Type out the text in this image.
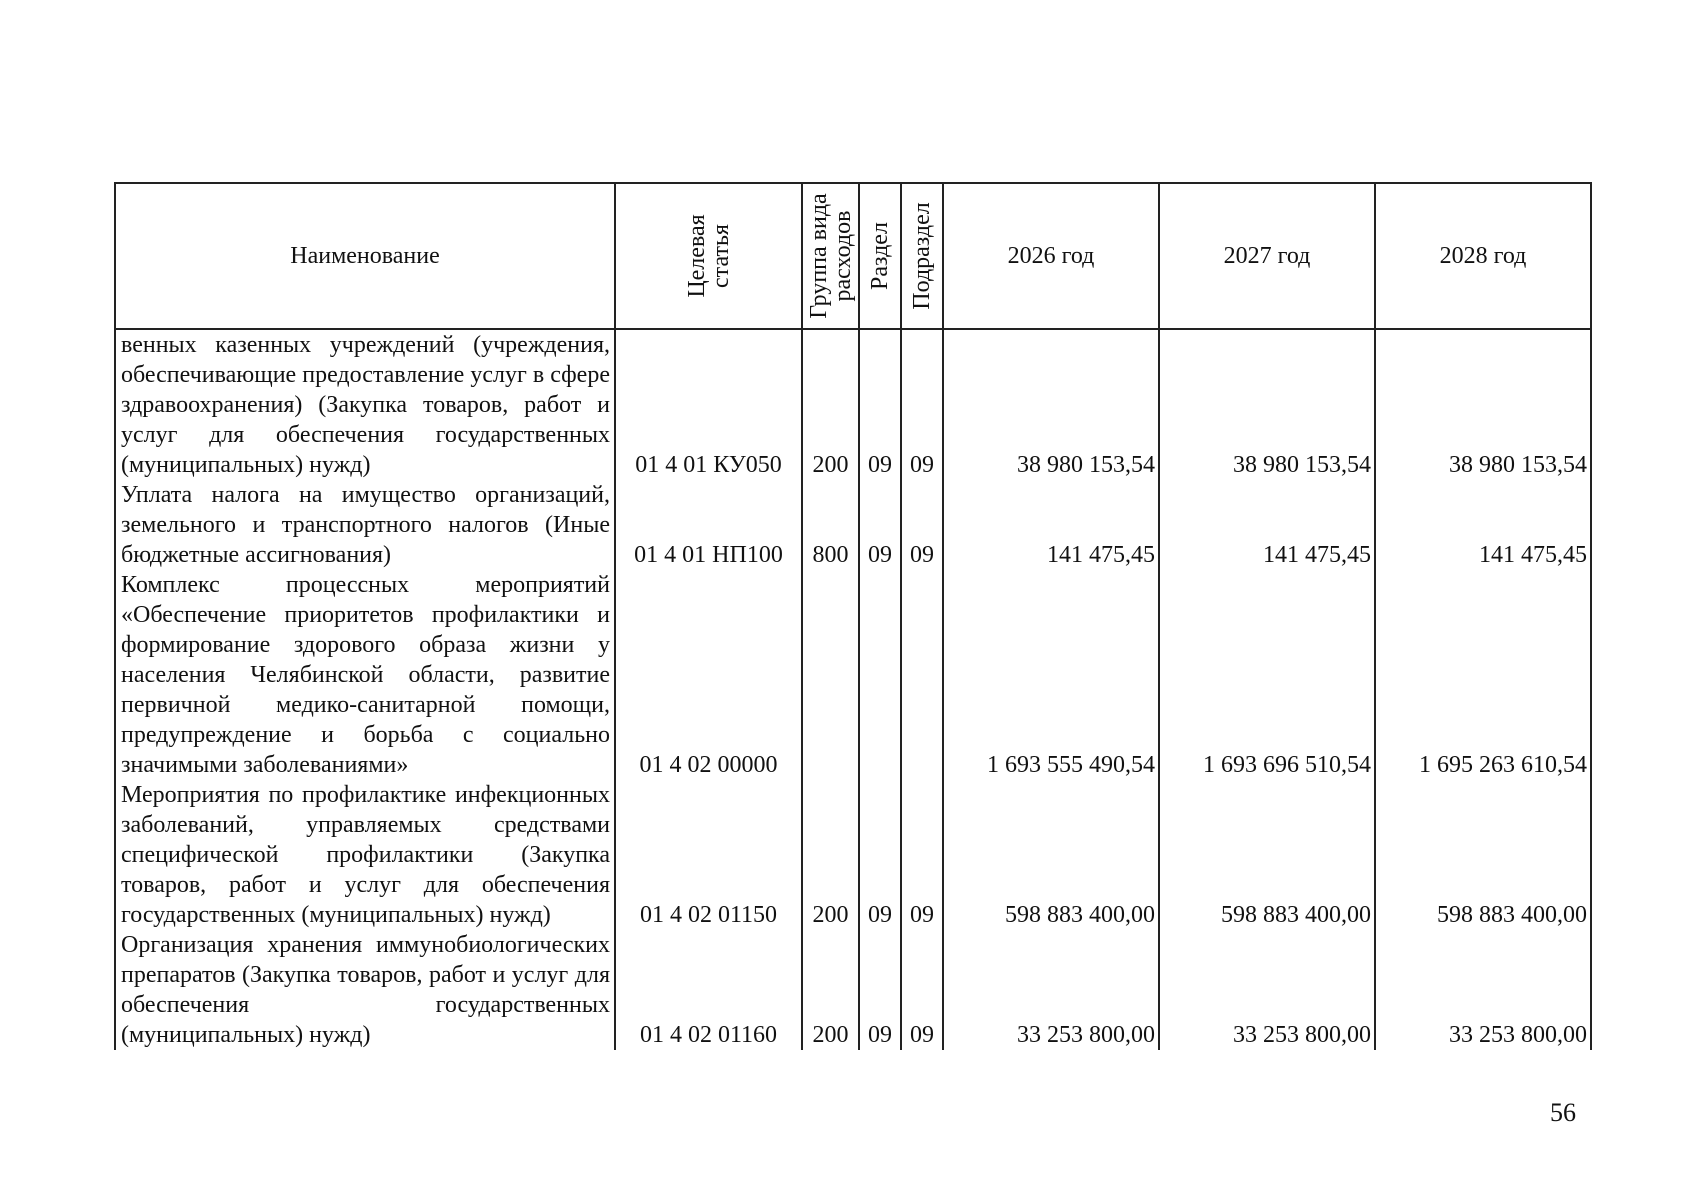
Наименование	Целевая статья	Группа вида расходов	Раздел	Подраздел	2026 год	2027 год	2028 год
венных казенных учреждений (учреждения, обеспечивающие предоставление услуг в сфере здравоохранения) (Закупка товаров, работ и услуг для обеспечения государственных (муниципальных) нужд)	01 4 01 КУ050	200	09	09	38 980 153,54	38 980 153,54	38 980 153,54
Уплата налога на имущество организаций, земельного и транспортного налогов (Иные бюджетные ассигнования)	01 4 01 НП100	800	09	09	141 475,45	141 475,45	141 475,45
Комплекс процессных мероприятий «Обеспечение приоритетов профилактики и формирование здорового образа жизни у населения Челябинской области, развитие первичной медико-санитарной помощи, предупреждение и борьба с социально значимыми заболеваниями»	01 4 02 00000				1 693 555 490,54	1 693 696 510,54	1 695 263 610,54
Мероприятия по профилактике инфекционных заболеваний, управляемых средствами специфической профилактики (Закупка товаров, работ и услуг для обеспечения государственных (муниципальных) нужд)	01 4 02 01150	200	09	09	598 883 400,00	598 883 400,00	598 883 400,00
Организация хранения иммунобиологических препаратов (Закупка товаров, работ и услуг для обеспечения государственных (муниципальных) нужд)	01 4 02 01160	200	09	09	33 253 800,00	33 253 800,00	33 253 800,00
56
